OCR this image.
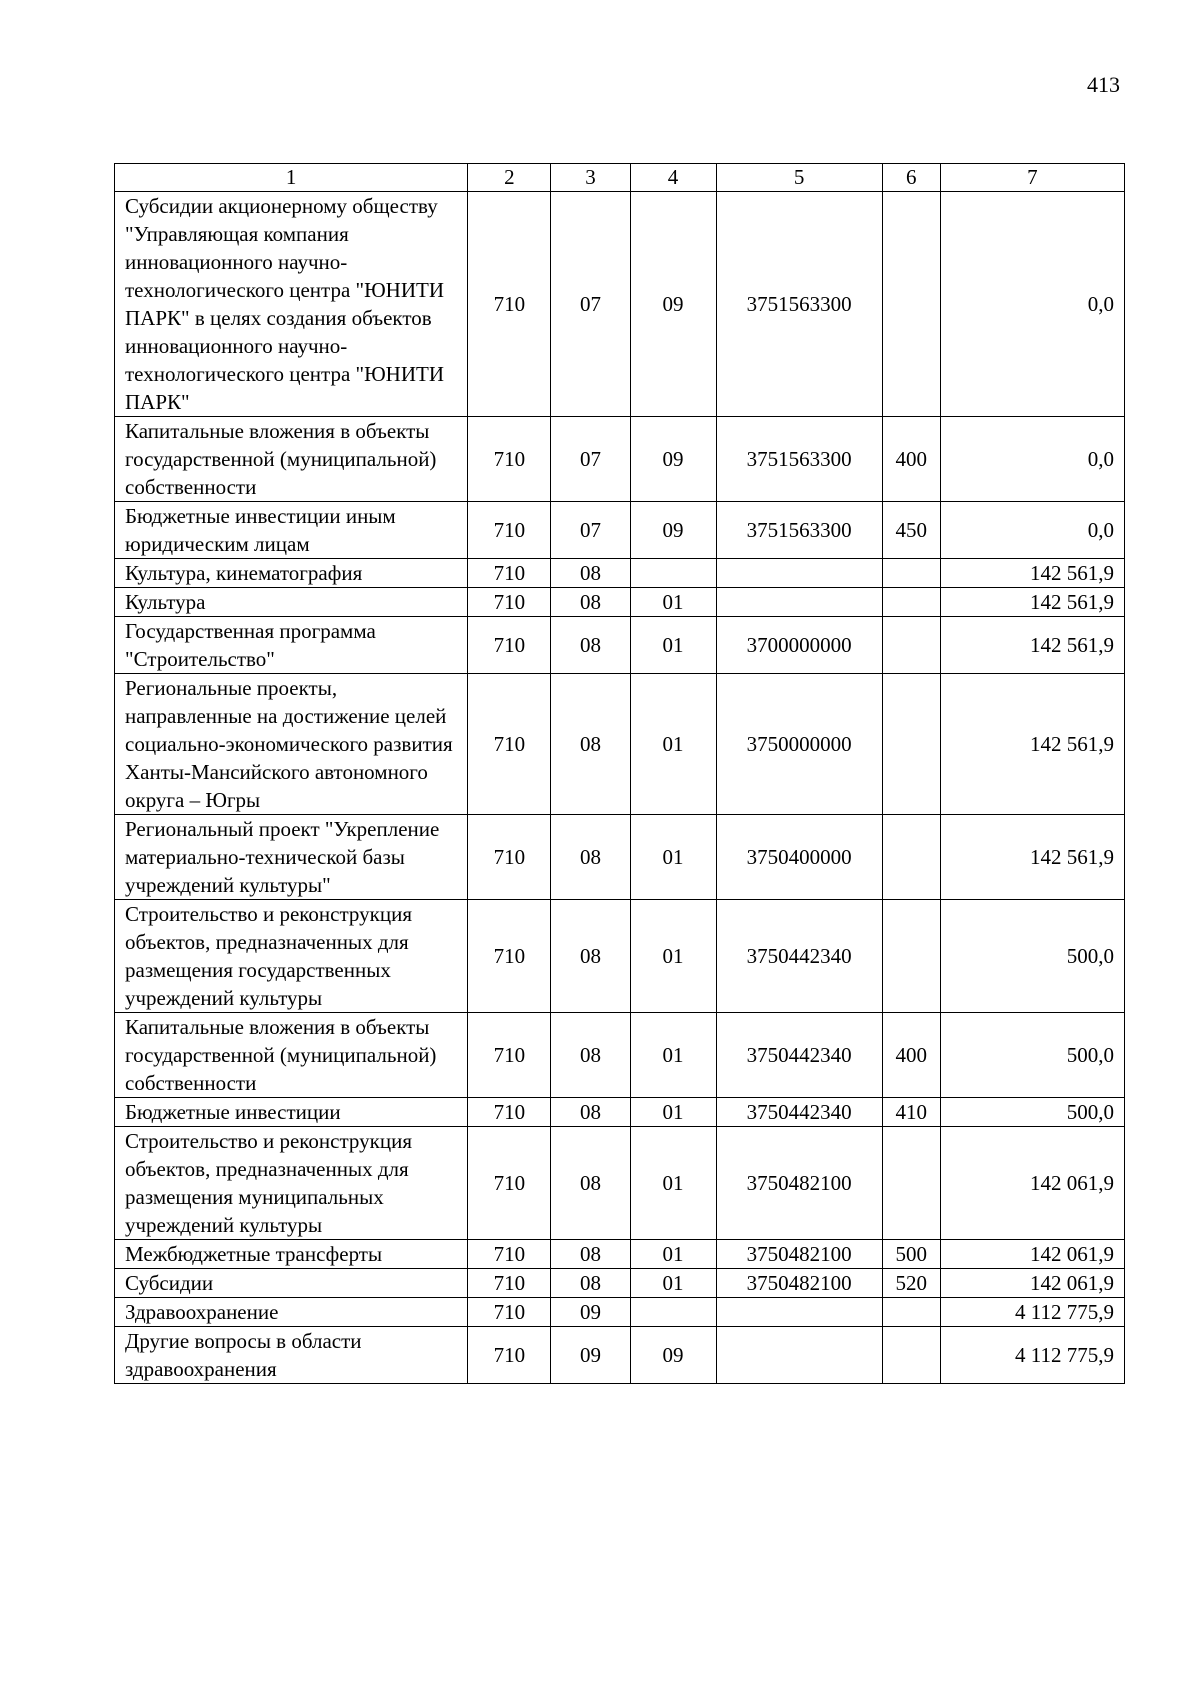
413
1	2	3	4	5	6	7
Субсидии акционерному обществу "Управляющая компания инновационного научно-технологического центра "ЮНИТИ ПАРК" в целях создания объектов инновационного научно-технологического центра "ЮНИТИ ПАРК"	710	07	09	3751563300		0,0
Капитальные вложения в объекты государственной (муниципальной) собственности	710	07	09	3751563300	400	0,0
Бюджетные инвестиции иным юридическим лицам	710	07	09	3751563300	450	0,0
Культура, кинематография	710	08				142 561,9
Культура	710	08	01			142 561,9
Государственная программа "Строительство"	710	08	01	3700000000		142 561,9
Региональные проекты, направленные на достижение целей социально-экономического развития Ханты-Мансийского автономного округа – Югры	710	08	01	3750000000		142 561,9
Региональный проект "Укрепление материально-технической базы учреждений культуры"	710	08	01	3750400000		142 561,9
Строительство и реконструкция объектов, предназначенных для размещения государственных учреждений культуры	710	08	01	3750442340		500,0
Капитальные вложения в объекты государственной (муниципальной) собственности	710	08	01	3750442340	400	500,0
Бюджетные инвестиции	710	08	01	3750442340	410	500,0
Строительство и реконструкция объектов, предназначенных для размещения муниципальных учреждений культуры	710	08	01	3750482100		142 061,9
Межбюджетные трансферты	710	08	01	3750482100	500	142 061,9
Субсидии	710	08	01	3750482100	520	142 061,9
Здравоохранение	710	09				4 112 775,9
Другие вопросы в области здравоохранения	710	09	09			4 112 775,9
